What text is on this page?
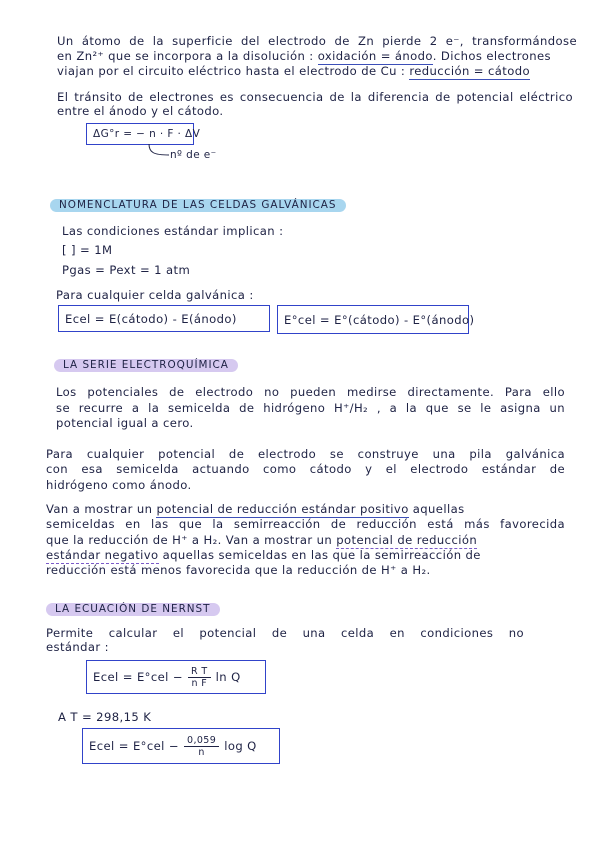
Un átomo de la superficie del electrodo de Zn pierde 2 e⁻, transformándose
en Zn²⁺ que se incorpora a la disolución : oxidación = ánodo. Dichos electrones
viajan por el circuito eléctrico hasta el electrodo de Cu : reducción = cátodo
El tránsito de electrones es consecuencia de la diferencia de potencial eléctrico
entre el ánodo y el cátodo.
ΔG°r = − n · F · ΔV
nº de e⁻
NOMENCLATURA DE LAS CELDAS GALVÁNICAS
Las condiciones estándar implican :
[ ] = 1M
Pgas = Pext = 1 atm
Para cualquier celda galvánica :
Ecel = E(cátodo) - E(ánodo)	E°cel = E°(cátodo) - E°(ánodo)
LA SERIE ELECTROQUÍMICA
Los potenciales de electrodo no pueden medirse directamente. Para ello
se recurre a la semicelda de hidrógeno H⁺/H₂ , a la que se le asigna un
potencial igual a cero.
Para cualquier potencial de electrodo se construye una pila galvánica
con esa semicelda actuando como cátodo y el electrodo estándar de
hidrógeno como ánodo.
Van a mostrar un potencial de reducción estándar positivo aquellas
semiceldas en las que la semirreacción de reducción está más favorecida
que la reducción de H⁺ a H₂. Van a mostrar un potencial de reducción
estándar negativo aquellas semiceldas en las que la semirreacción de
reducción está menos favorecida que la reducción de H⁺ a H₂.
LA ECUACIÓN DE NERNST
Permite calcular el potencial de una celda en condiciones no
estándar :
Ecel = $E^\circ cel - \frac{\text{R T}}{\text{n F}}$ ln Q
A T = 298,15 K
Ecel = $E^\circ cel - \frac{0,059}{n}$ log Q
